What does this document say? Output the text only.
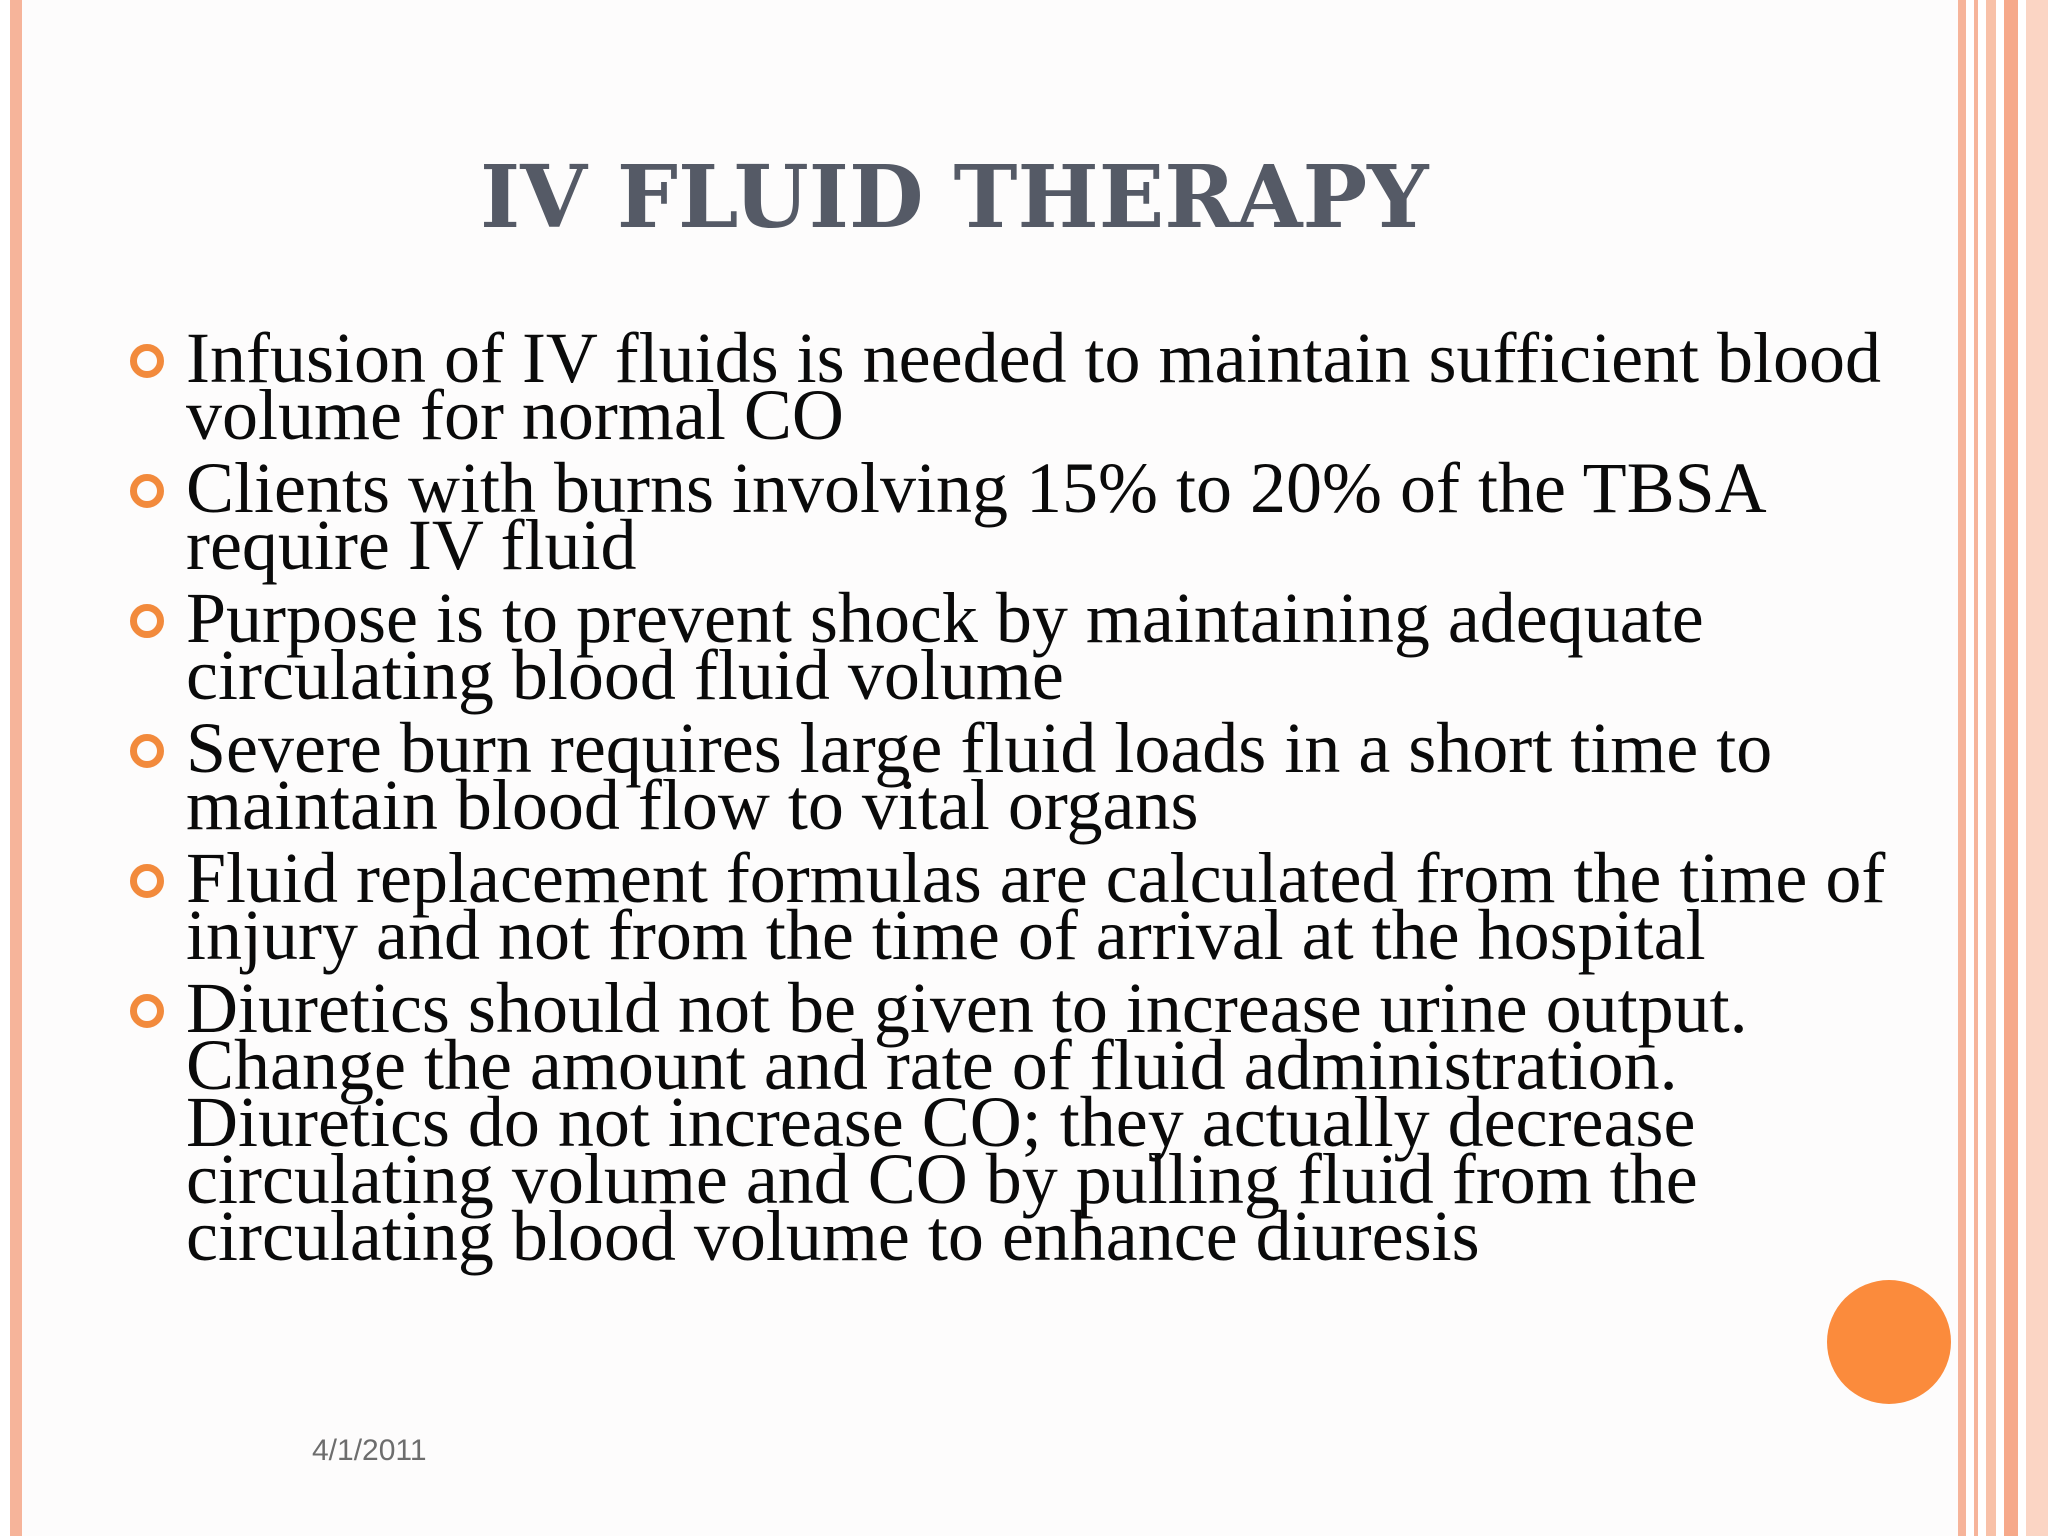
IV FLUID THERAPY
Infusion of IV fluids is needed to maintain sufficient blood volume for normal CO
Clients with burns involving 15% to 20% of the TBSA require IV fluid
Purpose is to prevent shock by maintaining adequate circulating blood fluid volume
Severe burn requires large fluid loads in a short time to maintain blood flow to vital organs
Fluid replacement formulas are calculated from the time of injury and not from the time of arrival at the hospital
Diuretics should not be given to increase urine output. Change the amount and rate of fluid administration. Diuretics do not increase CO; they actually decrease circulating volume and CO by pulling fluid from the circulating blood volume to enhance diuresis
4/1/2011
